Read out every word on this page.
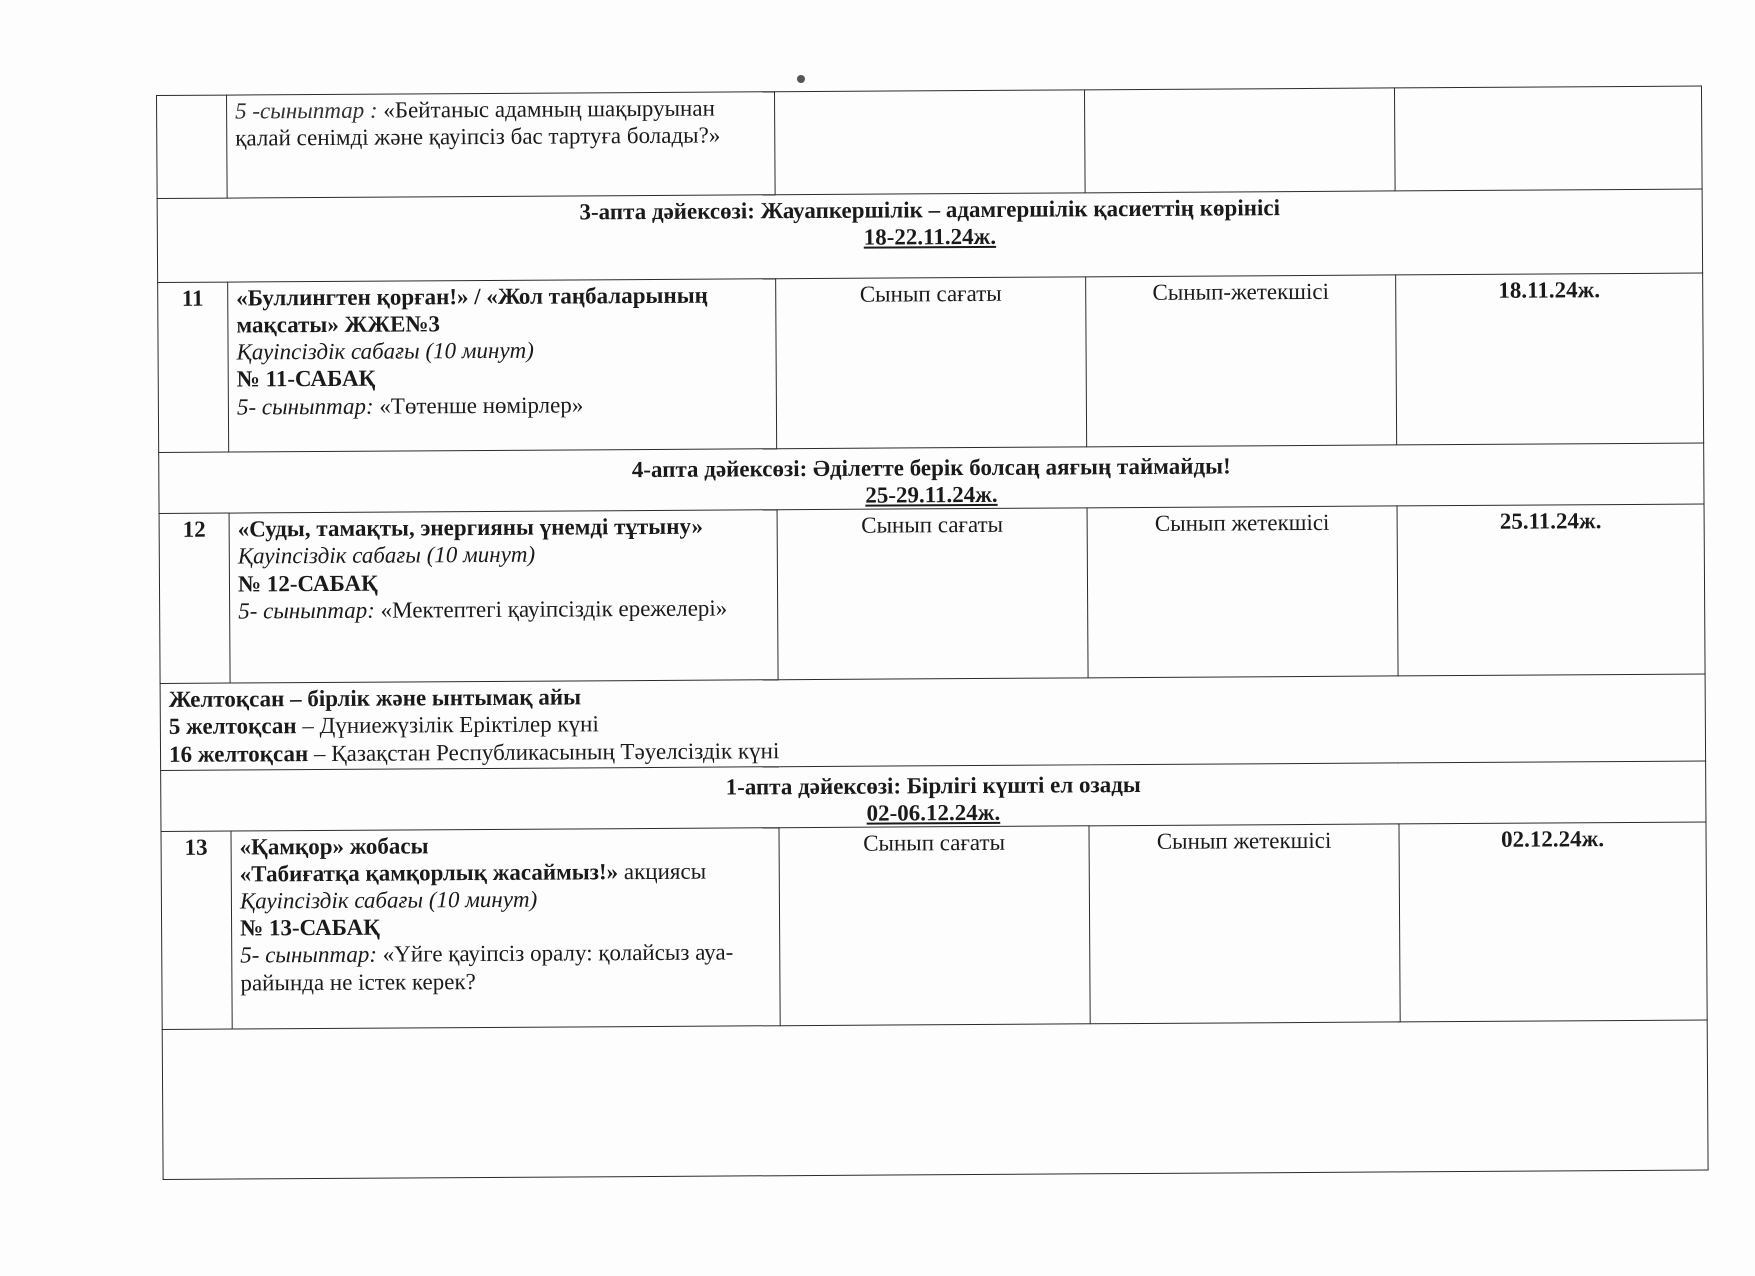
	5 -сыныптар : «Бейтаныс адамның шақыруынан қалай сенімді және қауіпсіз бас тартуға болады?»			

3-апта дәйексөзі: Жауапкершілік – адамгершілік қасиеттің көрінісі
18-22.11.24ж.				

11	«Буллингтен қорған!» / «Жол таңбаларының мақсаты» ЖЖЕ№3
Қауіпсіздік сабағы (10 минут)
№ 11-САБАҚ
5- сыныптар: «Төтенше нөмірлер»	Сынып сағаты	Сынып-жетекшісі	18.11.24ж.

4-апта дәйексөзі: Әділетте берік болсаң аяғың таймайды!
25-29.11.24ж.				

12	«Суды, тамақты, энергияны үнемді тұтыну»
Қауіпсіздік сабағы (10 минут)
№ 12-САБАҚ
5- сыныптар: «Мектептегі қауіпсіздік ережелері»	Сынып сағаты	Сынып жетекшісі	25.11.24ж.

Желтоқсан – бірлік және ынтымақ айы
5 желтоқсан – Дүниежүзілік Еріктілер күні
16 желтоқсан – Қазақстан Республикасының Тәуелсіздік күні				

1-апта дәйексөзі: Бірлігі күшті ел озады
02-06.12.24ж.				

13	«Қамқор» жобасы
«Табиғатқа қамқорлық жасаймыз!» акциясы
Қауіпсіздік сабағы (10 минут)
№ 13-САБАҚ
5- сыныптар: «Үйге қауіпсіз оралу: қолайсыз ауа- райында не істек керек?	Сынып сағаты	Сынып жетекшісі	02.12.24ж.
